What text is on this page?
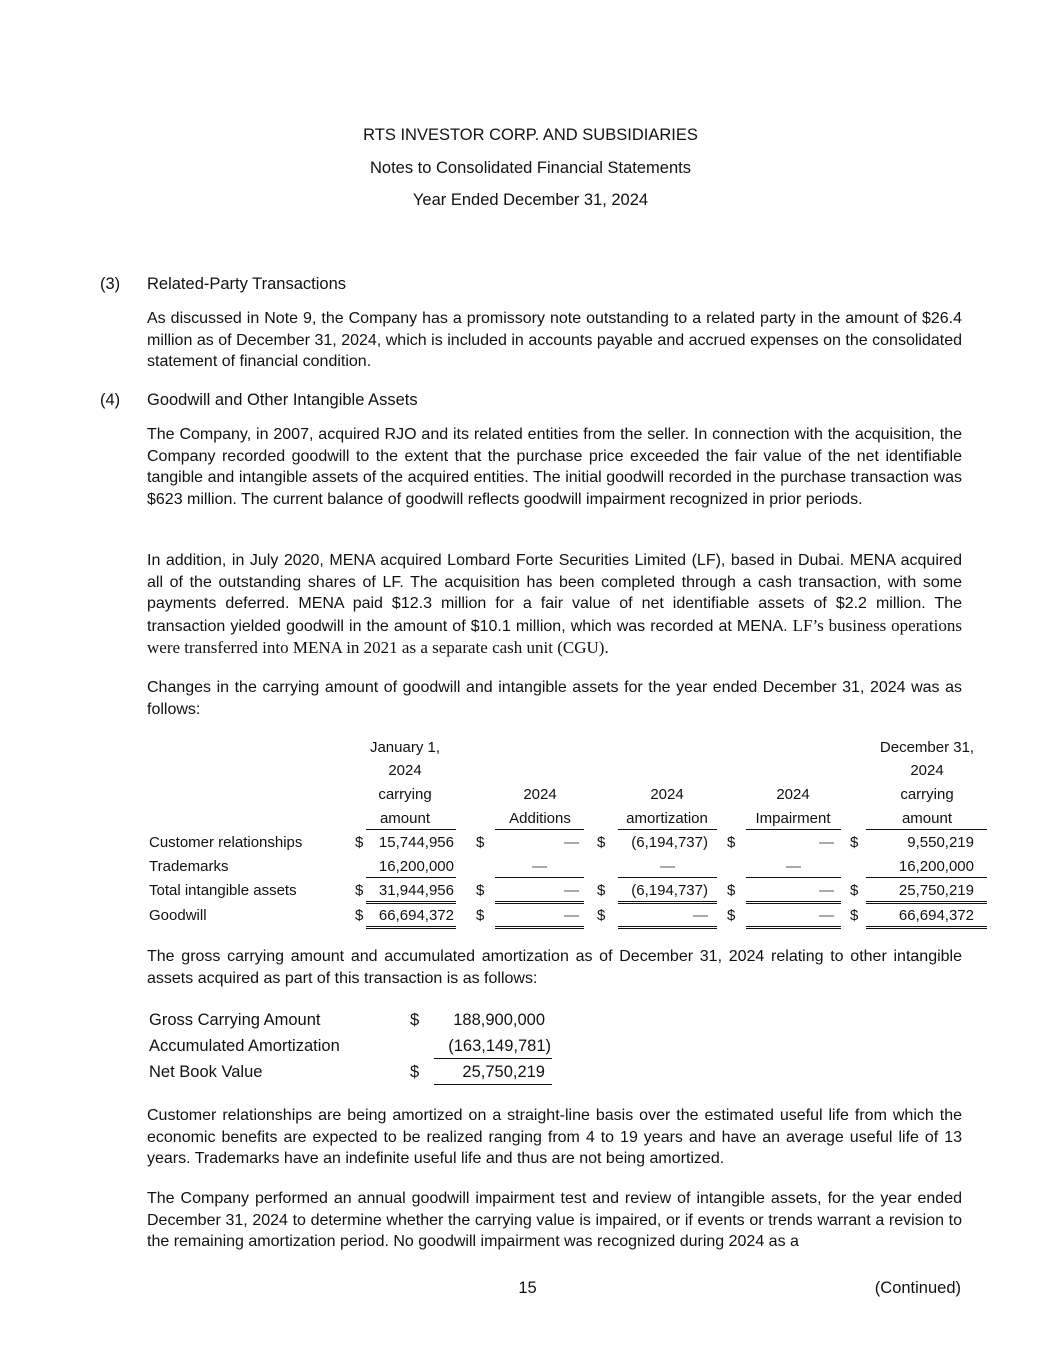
RTS INVESTOR CORP. AND SUBSIDIARIES
Notes to Consolidated Financial Statements
Year Ended December 31, 2024
(3) Related-Party Transactions

As discussed in Note 9, the Company has a promissory note outstanding to a related party in the amount of $26.4 million as of December 31, 2024, which is included in accounts payable and accrued expenses on the consolidated statement of financial condition.

(4) Goodwill and Other Intangible Assets

The Company, in 2007, acquired RJO and its related entities from the seller. In connection with the acquisition, the Company recorded goodwill to the extent that the purchase price exceeded the fair value of the net identifiable tangible and intangible assets of the acquired entities. The initial goodwill recorded in the purchase transaction was $623 million. The current balance of goodwill reflects goodwill impairment recognized in prior periods.

In addition, in July 2020, MENA acquired Lombard Forte Securities Limited (LF), based in Dubai. MENA acquired all of the outstanding shares of LF. The acquisition has been completed through a cash transaction, with some payments deferred. MENA paid $12.3 million for a fair value of net identifiable assets of $2.2 million. The transaction yielded goodwill in the amount of $10.1 million, which was recorded at MENA. LF’s business operations were transferred into MENA in 2021 as a separate cash unit (CGU).

Changes in the carrying amount of goodwill and intangible assets for the year ended December 31, 2024 was as follows:

January 1,
2024
carrying
amount
2024
Additions
2024
amortization
2024
Impairment
December 31,
2024
carrying
amount
Customer relationships	$	15,744,956 $	— $	(6,194,737) $	— $	9,550,219
Trademarks	16,200,000	—	—	—	16,200,000
Total intangible assets	$	31,944,956 $	— $	(6,194,737) $	— $	25,750,219
Goodwill	$	66,694,372 $	— $	— $	— $	66,694,372

The gross carrying amount and accumulated amortization as of December 31, 2024 relating to other intangible assets acquired as part of this transaction is as follows:

Gross Carrying Amount	$	188,900,000
Accumulated Amortization	(163,149,781)
Net Book Value	$	25,750,219

Customer relationships are being amortized on a straight-line basis over the estimated useful life from which the economic benefits are expected to be realized ranging from 4 to 19 years and have an average useful life of 13 years. Trademarks have an indefinite useful life and thus are not being amortized.

The Company performed an annual goodwill impairment test and review of intangible assets, for the year ended December 31, 2024 to determine whether the carrying value is impaired, or if events or trends warrant a revision to the remaining amortization period. No goodwill impairment was recognized during 2024 as a

15	(Continued)
